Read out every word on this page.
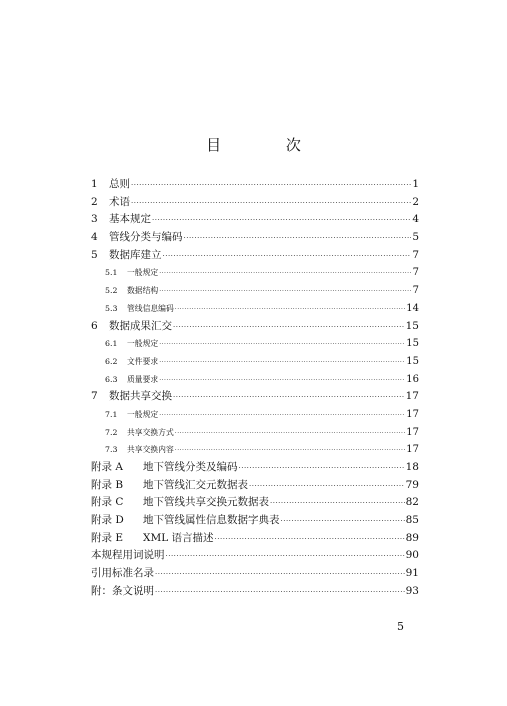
目 次
1	总则 ·····	1
2	术语 ·····	2
3	基本规定 ·····	4
4	管线分类与编码 ·····	5
5	数据库建立 ·····	7
5.1	一般规定 ·····	7
5.2	数据结构 ·····	7
5.3	管线信息编码 ·····	14
6	数据成果汇交 ·····	15
6.1	一般规定 ·····	15
6.2	文件要求 ·····	15
6.3	质量要求 ·····	16
7	数据共享交换 ·····	17
7.1	一般规定 ·····	17
7.2	共享交换方式 ·····	17
7.3	共享交换内容 ·····	17
附录 A	地下管线分类及编码 ·····	18
附录 B	地下管线汇交元数据表 ·····	79
附录 C	地下管线共享交换元数据表 ·····	82
附录 D	地下管线属性信息数据字典表 ·····	85
附录 E	XML 语言描述 ·····	89
本规程用词说明 ·····	90
引用标准名录 ·····	91
附：条文说明 ·····	93
5
